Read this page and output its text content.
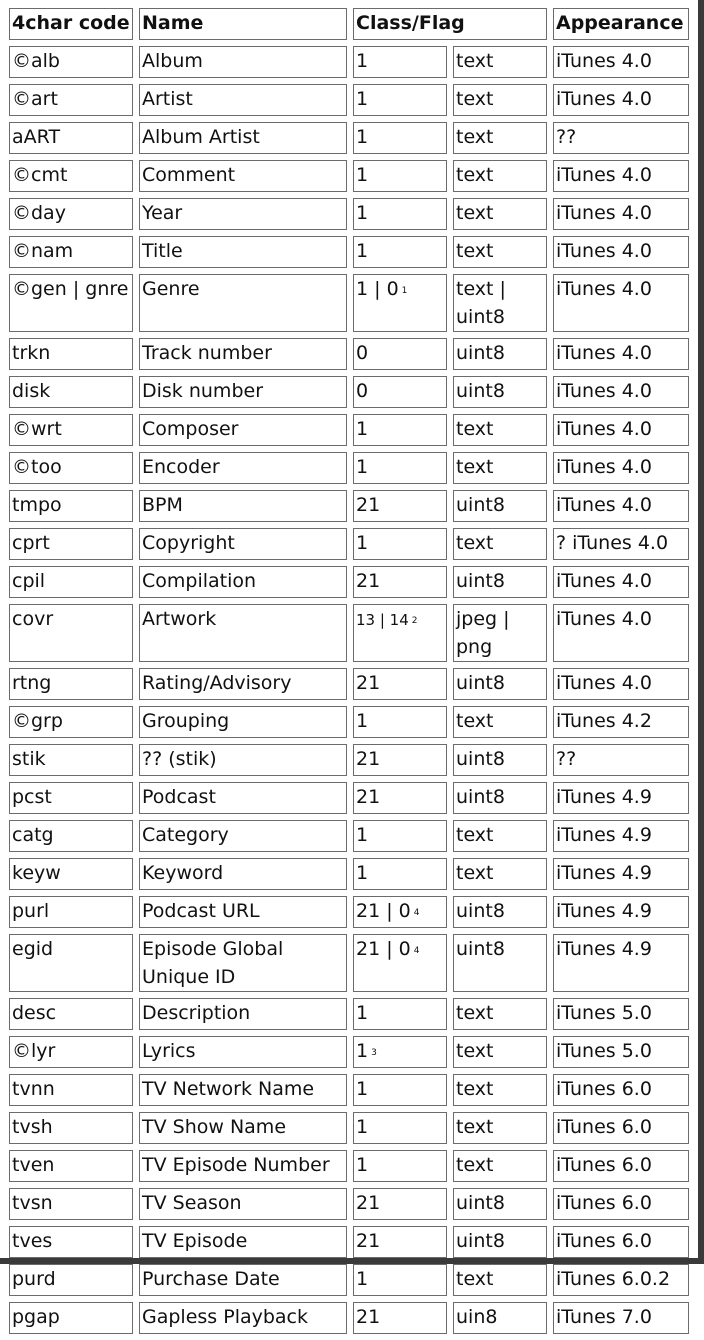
4char code	Name	Class/Flag		Appearance
©alb	Album	1	text	iTunes 4.0
©art	Artist	1	text	iTunes 4.0
aART	Album Artist	1	text	??
©cmt	Comment	1	text	iTunes 4.0
©day	Year	1	text	iTunes 4.0
©nam	Title	1	text	iTunes 4.0
©gen | gnre	Genre	1 | 0 $^1$	text | uint8	iTunes 4.0
trkn	Track number	0	uint8	iTunes 4.0
disk	Disk number	0	uint8	iTunes 4.0
©wrt	Composer	1	text	iTunes 4.0
©too	Encoder	1	text	iTunes 4.0
tmpo	BPM	21	uint8	iTunes 4.0
cprt	Copyright	1	text	? iTunes 4.0
cpil	Compilation	21	uint8	iTunes 4.0
covr	Artwork	13 | 14 $^2$	jpeg | png	iTunes 4.0
rtng	Rating/Advisory	21	uint8	iTunes 4.0
©grp	Grouping	1	text	iTunes 4.2
stik	?? (stik)	21	uint8	??
pcst	Podcast	21	uint8	iTunes 4.9
catg	Category	1	text	iTunes 4.9
keyw	Keyword	1	text	iTunes 4.9
purl	Podcast URL	21 | 0 $^4$	uint8	iTunes 4.9
egid	Episode Global Unique ID	21 | 0 $^4$	uint8	iTunes 4.9
desc	Description	1	text	iTunes 5.0
©lyr	Lyrics	1 $^3$	text	iTunes 5.0
tvnn	TV Network Name	1	text	iTunes 6.0
tvsh	TV Show Name	1	text	iTunes 6.0
tven	TV Episode Number	1	text	iTunes 6.0
tvsn	TV Season	21	uint8	iTunes 6.0
tves	TV Episode	21	uint8	iTunes 6.0
purd	Purchase Date	1	text	iTunes 6.0.2
pgap	Gapless Playback	21	uin8	iTunes 7.0
